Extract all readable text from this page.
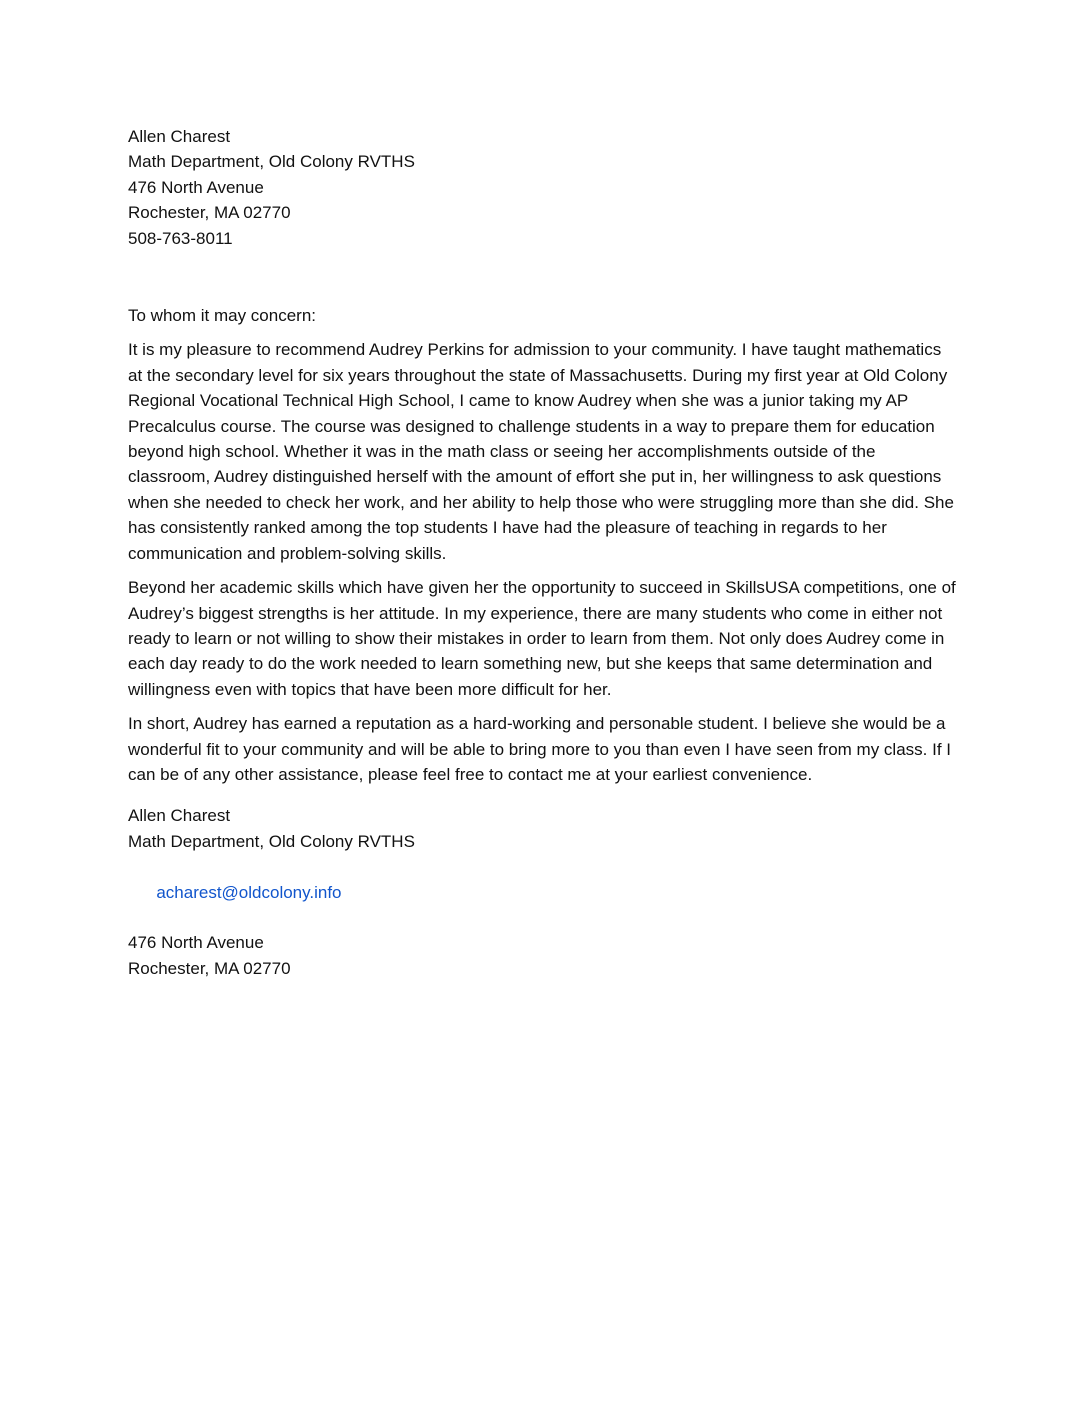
Allen Charest
Math Department, Old Colony RVTHS
476 North Avenue
Rochester, MA 02770
508-763-8011

To whom it may concern:

It is my pleasure to recommend Audrey Perkins for admission to your community. I have taught mathematics at the secondary level for six years throughout the state of Massachusetts. During my first year at Old Colony Regional Vocational Technical High School, I came to know Audrey when she was a junior taking my AP Precalculus course. The course was designed to challenge students in a way to prepare them for education beyond high school. Whether it was in the math class or seeing her accomplishments outside of the classroom, Audrey distinguished herself with the amount of effort she put in, her willingness to ask questions when she needed to check her work, and her ability to help those who were struggling more than she did. She has consistently ranked among the top students I have had the pleasure of teaching in regards to her communication and problem-solving skills.

Beyond her academic skills which have given her the opportunity to succeed in SkillsUSA competitions, one of Audrey’s biggest strengths is her attitude. In my experience, there are many students who come in either not ready to learn or not willing to show their mistakes in order to learn from them. Not only does Audrey come in each day ready to do the work needed to learn something new, but she keeps that same determination and willingness even with topics that have been more difficult for her.

In short, Audrey has earned a reputation as a hard-working and personable student. I believe she would be a wonderful fit to your community and will be able to bring more to you than even I have seen from my class. If I can be of any other assistance, please feel free to contact me at your earliest convenience.

Allen Charest
Math Department, Old Colony RVTHS

acharest@oldcolony.info

476 North Avenue
Rochester, MA 02770
